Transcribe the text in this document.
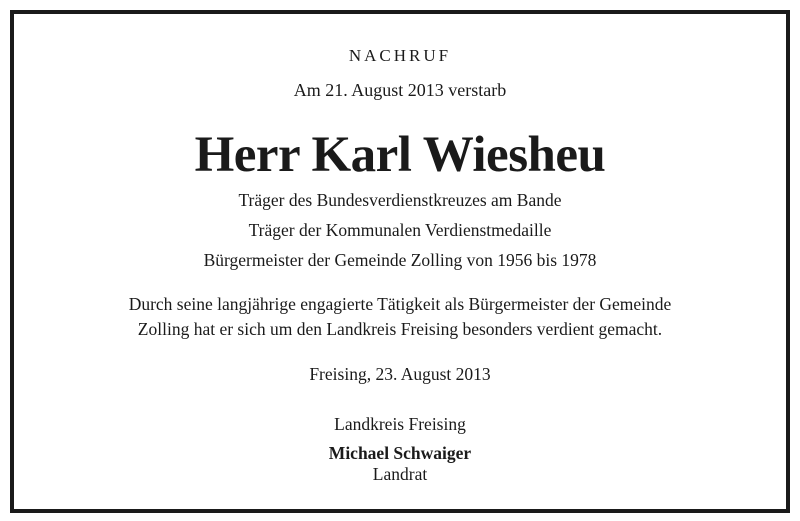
NACHRUF
Am 21. August 2013 verstarb
Herr Karl Wiesheu
Träger des Bundesverdienstkreuzes am Bande
Träger der Kommunalen Verdienstmedaille
Bürgermeister der Gemeinde Zolling von 1956 bis 1978
Durch seine langjährige engagierte Tätigkeit als Bürgermeister der Gemeinde
Zolling hat er sich um den Landkreis Freising besonders verdient gemacht.
Freising, 23. August 2013
Landkreis Freising
Michael Schwaiger
Landrat
